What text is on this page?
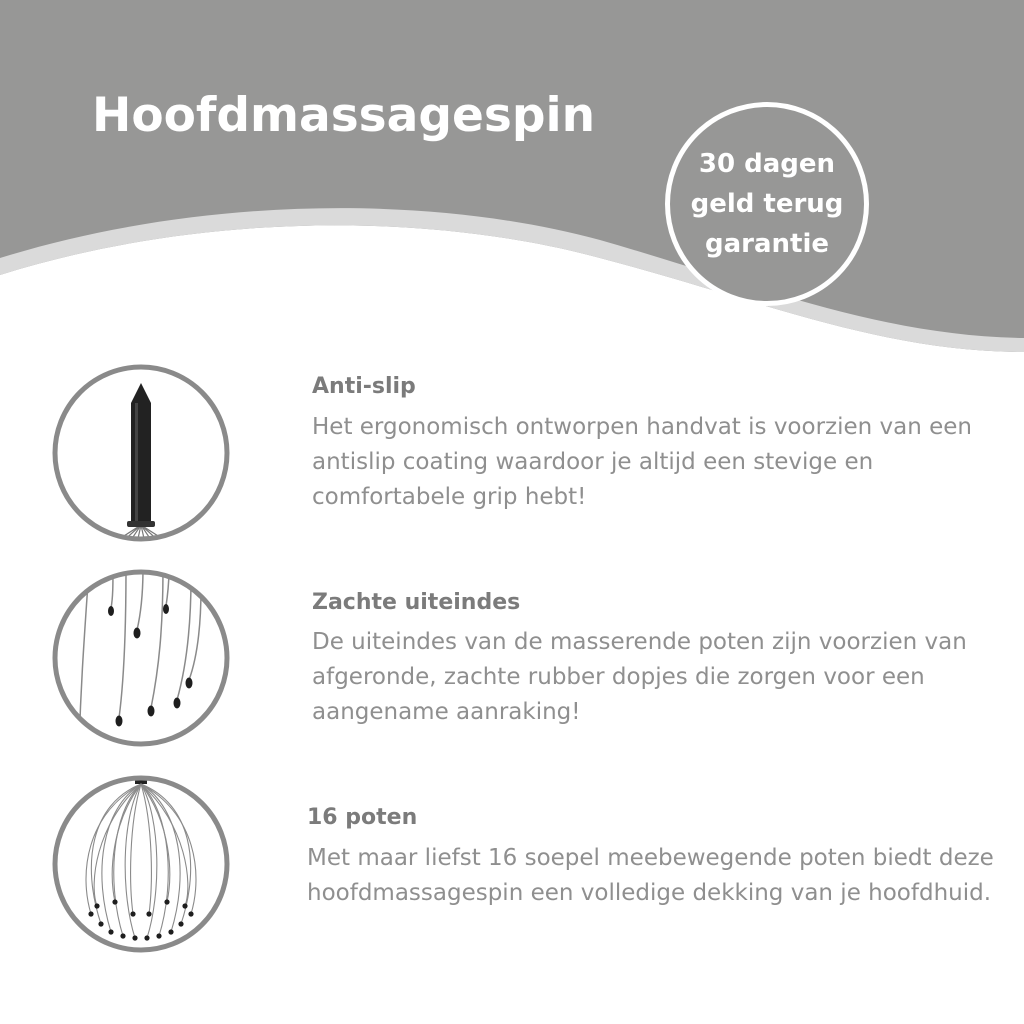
Hoofdmassagespin
30 dagen
geld terug
garantie
Anti-slip

Het ergonomisch ontworpen handvat is voorzien van een antislip coating waardoor je altijd een stevige en comfortabele grip hebt!

Zachte uiteindes

De uiteindes van de masserende poten zijn voorzien van afgeronde, zachte rubber dopjes die zorgen voor een aangename aanraking!

16 poten

Met maar liefst 16 soepel meebewegende poten biedt deze hoofdmassagespin een volledige dekking van je hoofdhuid.
